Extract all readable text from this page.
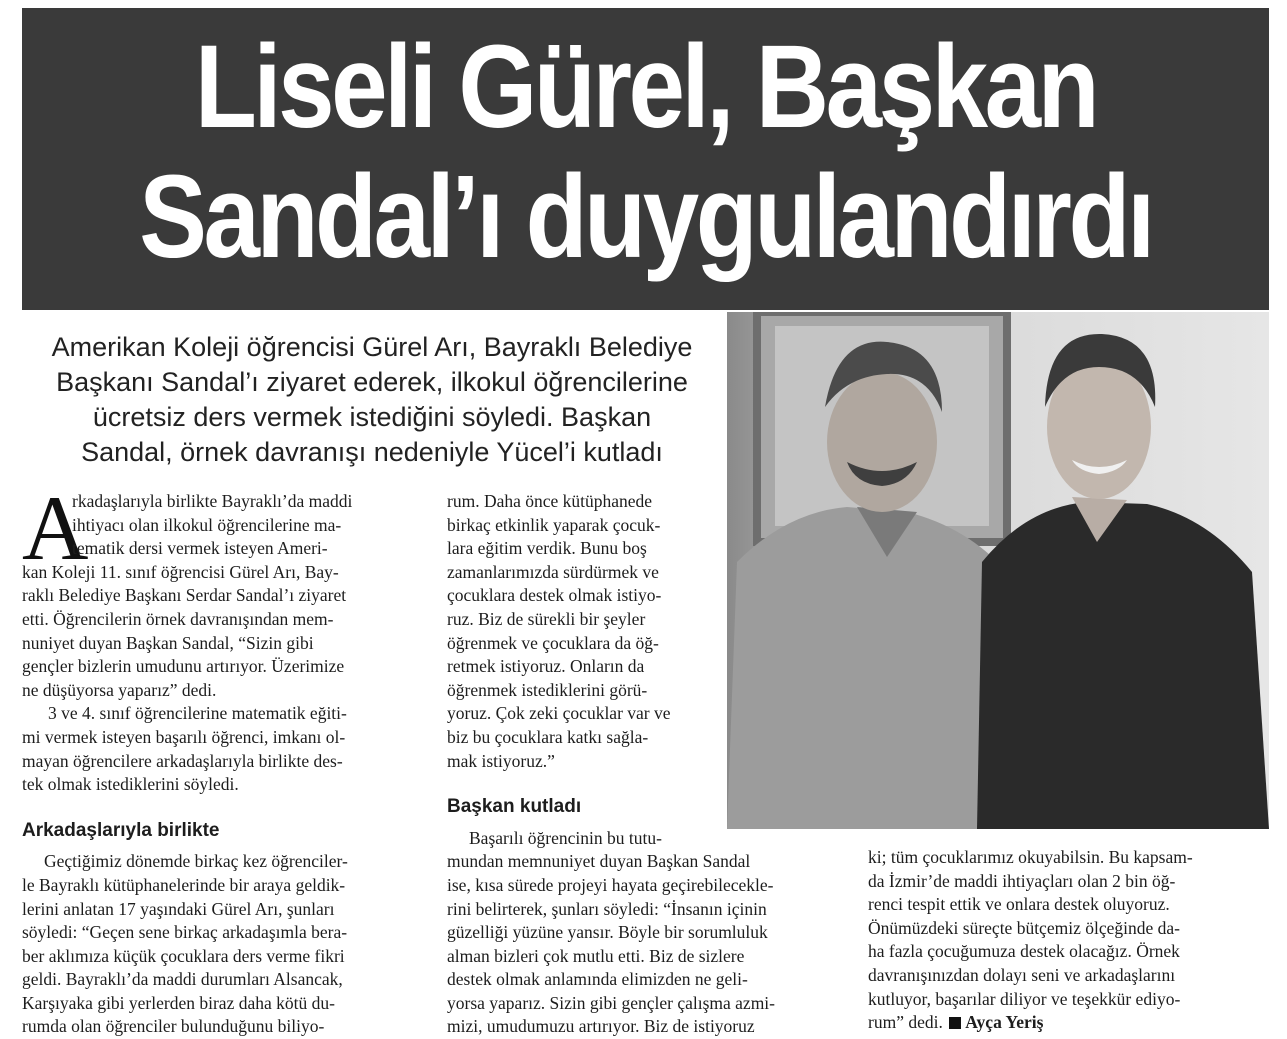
Liseli Gürel, Başkan
Sandal’ı duygulandırdı

Amerikan Koleji öğrencisi Gürel Arı, Bayraklı Belediye

Başkanı Sandal’ı ziyaret ederek, ilkokul öğrencilerine

ücretsiz ders vermek istediğini söyledi. Başkan

Sandal, örnek davranışı nedeniyle Yücel’i kutladı

A

rkadaşlarıyla birlikte Bayraklı’da maddi

ihtiyacı olan ilkokul öğrencilerine ma-

tematik dersi vermek isteyen Ameri-

kan Koleji 11. sınıf öğrencisi Gürel Arı, Bay-

raklı Belediye Başkanı Serdar Sandal’ı ziyaret

etti. Öğrencilerin örnek davranışından mem-

nuniyet duyan Başkan Sandal, “Sizin gibi

gençler bizlerin umudunu artırıyor. Üzerimize

ne düşüyorsa yaparız” dedi.

3 ve 4. sınıf öğrencilerine matematik eğiti-

mi vermek isteyen başarılı öğrenci, imkanı ol-

mayan öğrencilere arkadaşlarıyla birlikte des-

tek olmak istediklerini söyledi.

Arkadaşlarıyla birlikte

Geçtiğimiz dönemde birkaç kez öğrenciler-

le Bayraklı kütüphanelerinde bir araya geldik-

lerini anlatan 17 yaşındaki Gürel Arı, şunları

söyledi: “Geçen sene birkaç arkadaşımla bera-

ber aklımıza küçük çocuklara ders verme fikri

geldi. Bayraklı’da maddi durumları Alsancak,

Karşıyaka gibi yerlerden biraz daha kötü du-

rumda olan öğrenciler bulunduğunu biliyo-

rum. Daha önce kütüphanede

birkaç etkinlik yaparak çocuk-

lara eğitim verdik. Bunu boş

zamanlarımızda sürdürmek ve

çocuklara destek olmak istiyo-

ruz. Biz de sürekli bir şeyler

öğrenmek ve çocuklara da öğ-

retmek istiyoruz. Onların da

öğrenmek istediklerini görü-

yoruz. Çok zeki çocuklar var ve

biz bu çocuklara katkı sağla-

mak istiyoruz.”

Başkan kutladı

Başarılı öğrencinin bu tutu-

mundan memnuniyet duyan Başkan Sandal

ise, kısa sürede projeyi hayata geçirebilecekle-

rini belirterek, şunları söyledi: “İnsanın içinin

güzelliği yüzüne yansır. Böyle bir sorumluluk

alman bizleri çok mutlu etti. Biz de sizlere

destek olmak anlamında elimizden ne geli-

yorsa yaparız. Sizin gibi gençler çalışma azmi-

mizi, umudumuzu artırıyor. Biz de istiyoruz

ki; tüm çocuklarımız okuyabilsin. Bu kapsam-

da İzmir’de maddi ihtiyaçları olan 2 bin öğ-

renci tespit ettik ve onlara destek oluyoruz.

Önümüzdeki süreçte bütçemiz ölçeğinde da-

ha fazla çocuğumuza destek olacağız. Örnek

davranışınızdan dolayı seni ve arkadaşlarını

kutluyor, başarılar diliyor ve teşekkür ediyo-

rum” dedi. Ayça Yeriş
